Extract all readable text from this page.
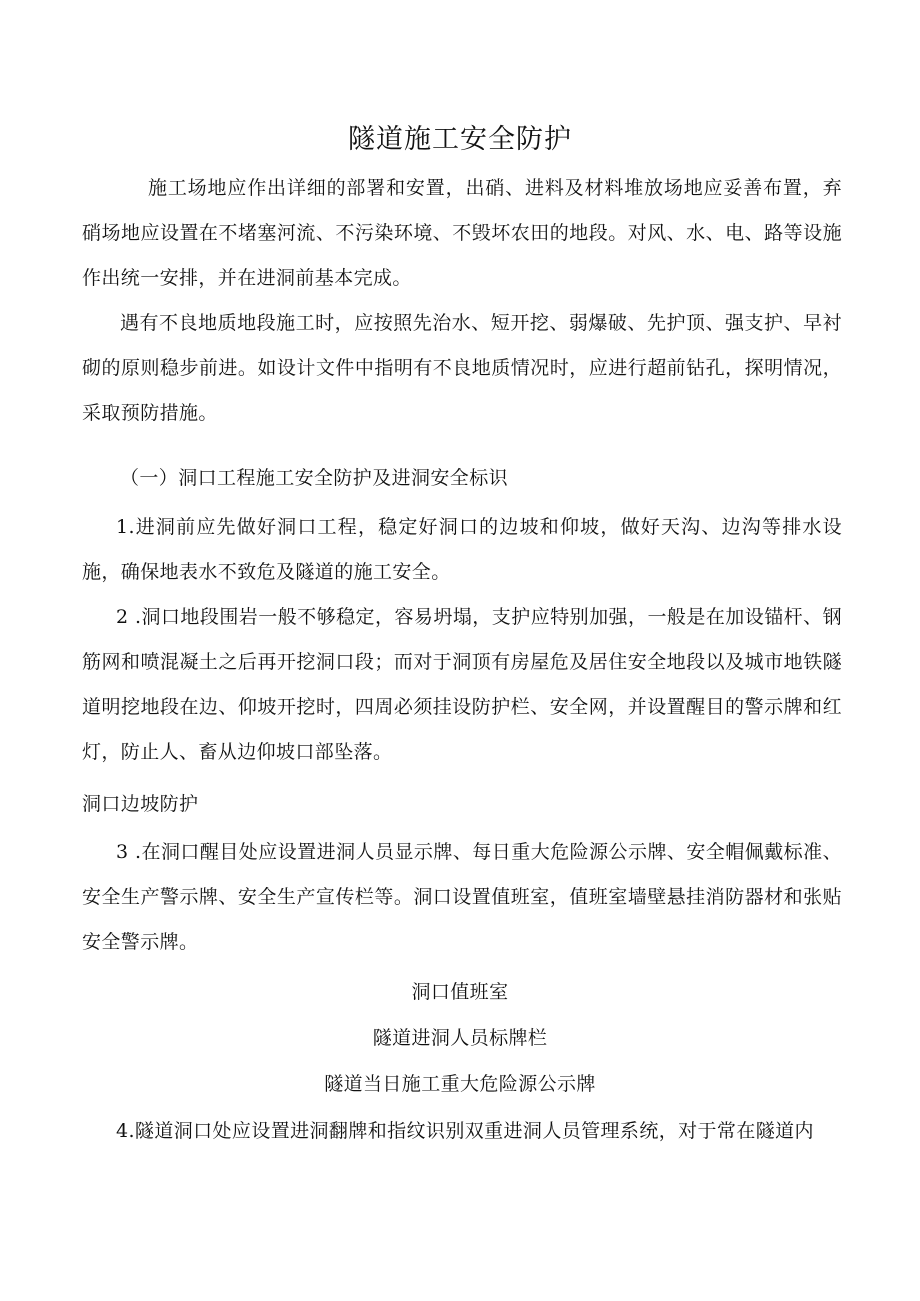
隧道施工安全防护
施工场地应作出详细的部署和安置，出硝、进料及材料堆放场地应妥善布置，弃硝场地应设置在不堵塞河流、不污染环境、不毁坏农田的地段。对风、水、电、路等设施作出统一安排，并在进洞前基本完成。
遇有不良地质地段施工时，应按照先治水、短开挖、弱爆破、先护顶、强支护、早衬砌的原则稳步前进。如设计文件中指明有不良地质情况时，应进行超前钻孔，探明情况，采取预防措施。
（一）洞口工程施工安全防护及进洞安全标识
1.进洞前应先做好洞口工程，稳定好洞口的边坡和仰坡，做好天沟、边沟等排水设施，确保地表水不致危及隧道的施工安全。
2 .洞口地段围岩一般不够稳定，容易坍塌，支护应特别加强，一般是在加设锚杆、钢筋网和喷混凝土之后再开挖洞口段；而对于洞顶有房屋危及居住安全地段以及城市地铁隧道明挖地段在边、仰坡开挖时，四周必须挂设防护栏、安全网，并设置醒目的警示牌和红灯，防止人、畜从边仰坡口部坠落。
洞口边坡防护
3 .在洞口醒目处应设置进洞人员显示牌、每日重大危险源公示牌、安全帽佩戴标准、安全生产警示牌、安全生产宣传栏等。洞口设置值班室，值班室墙壁悬挂消防器材和张贴安全警示牌。
洞口值班室
隧道进洞人员标牌栏
隧道当日施工重大危险源公示牌
4.隧道洞口处应设置进洞翻牌和指纹识别双重进洞人员管理系统，对于常在隧道内
